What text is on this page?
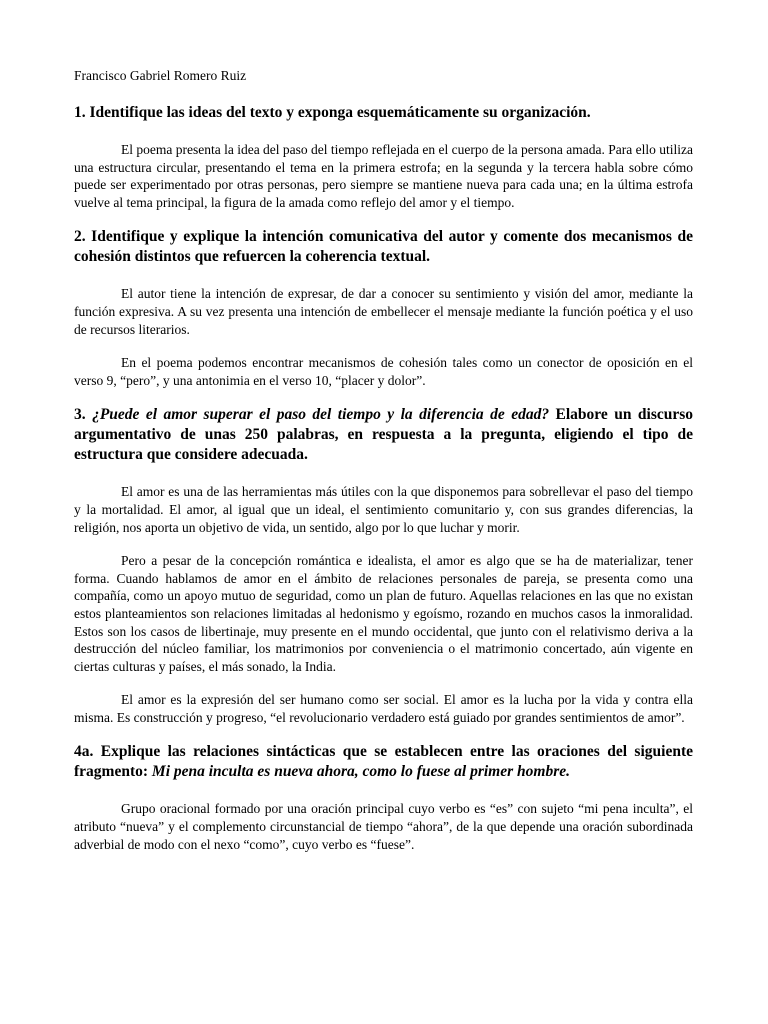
Francisco Gabriel Romero Ruiz
1. Identifique las ideas del texto y exponga esquemáticamente su organización.

El poema presenta la idea del paso del tiempo reflejada en el cuerpo de la persona amada. Para ello utiliza una estructura circular, presentando el tema en la primera estrofa; en la segunda y la tercera habla sobre cómo puede ser experimentado por otras personas, pero siempre se mantiene nueva para cada una; en la última estrofa vuelve al tema principal, la figura de la amada como reflejo del amor y el tiempo.

2. Identifique y explique la intención comunicativa del autor y comente dos mecanismos de cohesión distintos que refuercen la coherencia textual.

El autor tiene la intención de expresar, de dar a conocer su sentimiento y visión del amor, mediante la función expresiva. A su vez presenta una intención de embellecer el mensaje mediante la función poética y el uso de recursos literarios.

En el poema podemos encontrar mecanismos de cohesión tales como un conector de oposición en el verso 9, “pero”, y una antonimia en el verso 10, “placer y dolor”.

3. ¿Puede el amor superar el paso del tiempo y la diferencia de edad? Elabore un discurso argumentativo de unas 250 palabras, en respuesta a la pregunta, eligiendo el tipo de estructura que considere adecuada.

El amor es una de las herramientas más útiles con la que disponemos para sobrellevar el paso del tiempo y la mortalidad. El amor, al igual que un ideal, el sentimiento comunitario y, con sus grandes diferencias, la religión, nos aporta un objetivo de vida, un sentido, algo por lo que luchar y morir.

Pero a pesar de la concepción romántica e idealista, el amor es algo que se ha de materializar, tener forma. Cuando hablamos de amor en el ámbito de relaciones personales de pareja, se presenta como una compañía, como un apoyo mutuo de seguridad, como un plan de futuro. Aquellas relaciones en las que no existan estos planteamientos son relaciones limitadas al hedonismo y egoísmo, rozando en muchos casos la inmoralidad. Estos son los casos de libertinaje, muy presente en el mundo occidental, que junto con el relativismo deriva a la destrucción del núcleo familiar, los matrimonios por conveniencia o el matrimonio concertado, aún vigente en ciertas culturas y países, el más sonado, la India.

El amor es la expresión del ser humano como ser social. El amor es la lucha por la vida y contra ella misma. Es construcción y progreso, “el revolucionario verdadero está guiado por grandes sentimientos de amor”.

4a. Explique las relaciones sintácticas que se establecen entre las oraciones del siguiente fragmento: Mi pena inculta es nueva ahora, como lo fuese al primer hombre.

Grupo oracional formado por una oración principal cuyo verbo es “es” con sujeto “mi pena inculta”, el atributo “nueva” y el complemento circunstancial de tiempo “ahora”, de la que depende una oración subordinada adverbial de modo con el nexo “como”, cuyo verbo es “fuese”.
